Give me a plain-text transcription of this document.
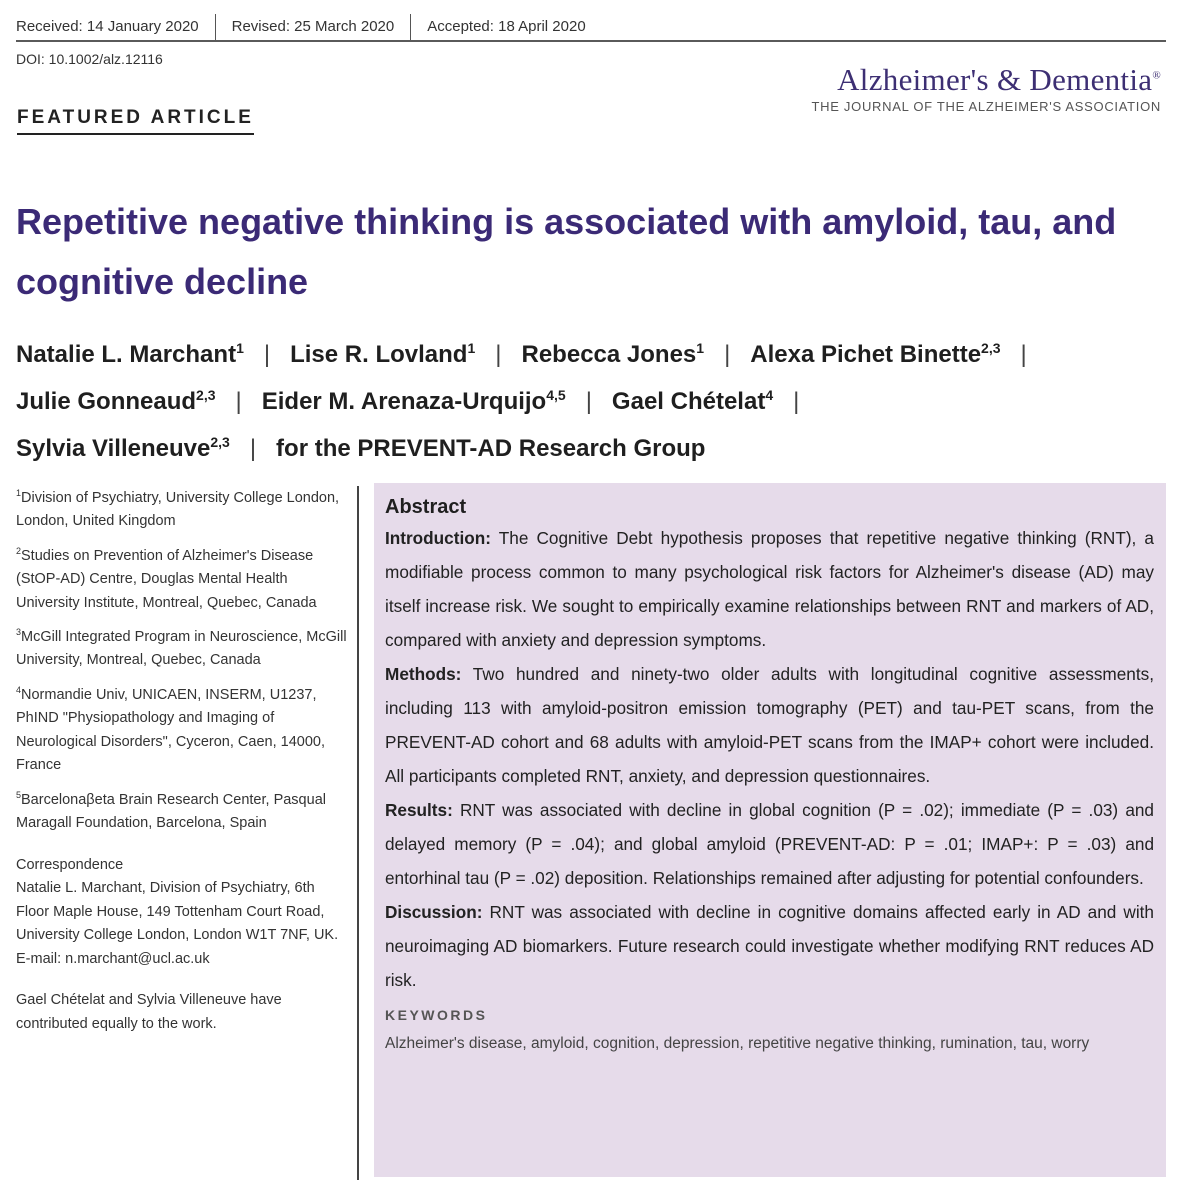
Received: 14 January 2020	Revised: 25 March 2020	Accepted: 18 April 2020
DOI: 10.1002/alz.12116
FEATURED ARTICLE
Alzheimer's & Dementia®
THE JOURNAL OF THE ALZHEIMER'S ASSOCIATION
Repetitive negative thinking is associated with amyloid, tau, and cognitive decline
Natalie L. Marchant$^1$ | Lise R. Lovland$^1$ | Rebecca Jones$^1$ | Alexa Pichet Binette$^{2,3}$ |
Julie Gonneaud$^{2,3}$ | Eider M. Arenaza-Urquijo$^{4,5}$ | Gael Chételat$^4$ |
Sylvia Villeneuve$^{2,3}$ | for the PREVENT-AD Research Group
$^1$Division of Psychiatry, University College London, London, United Kingdom
$^2$Studies on Prevention of Alzheimer's Disease (StOP-AD) Centre, Douglas Mental Health University Institute, Montreal, Quebec, Canada
$^3$McGill Integrated Program in Neuroscience, McGill University, Montreal, Quebec, Canada
$^4$Normandie Univ, UNICAEN, INSERM, U1237, PhIND "Physiopathology and Imaging of Neurological Disorders", Cyceron, Caen, 14000, France
$^5$Barcelonaβeta Brain Research Center, Pasqual Maragall Foundation, Barcelona, Spain
Correspondence
Natalie L. Marchant, Division of Psychiatry, 6th Floor Maple House, 149 Tottenham Court Road, University College London, London W1T 7NF, UK.
E-mail: n.marchant@ucl.ac.uk
Gael Chételat and Sylvia Villeneuve have contributed equally to the work.
Abstract
Introduction: The Cognitive Debt hypothesis proposes that repetitive negative thinking (RNT), a modifiable process common to many psychological risk factors for Alzheimer's disease (AD) may itself increase risk. We sought to empirically examine relationships between RNT and markers of AD, compared with anxiety and depression symptoms.
Methods: Two hundred and ninety-two older adults with longitudinal cognitive assessments, including 113 with amyloid-positron emission tomography (PET) and tau-PET scans, from the PREVENT-AD cohort and 68 adults with amyloid-PET scans from the IMAP+ cohort were included. All participants completed RNT, anxiety, and depression questionnaires.
Results: RNT was associated with decline in global cognition (P = .02); immediate (P = .03) and delayed memory (P = .04); and global amyloid (PREVENT-AD: P = .01; IMAP+: P = .03) and entorhinal tau (P = .02) deposition. Relationships remained after adjusting for potential confounders.
Discussion: RNT was associated with decline in cognitive domains affected early in AD and with neuroimaging AD biomarkers. Future research could investigate whether modifying RNT reduces AD risk.
KEYWORDS
Alzheimer's disease, amyloid, cognition, depression, repetitive negative thinking, rumination, tau, worry
